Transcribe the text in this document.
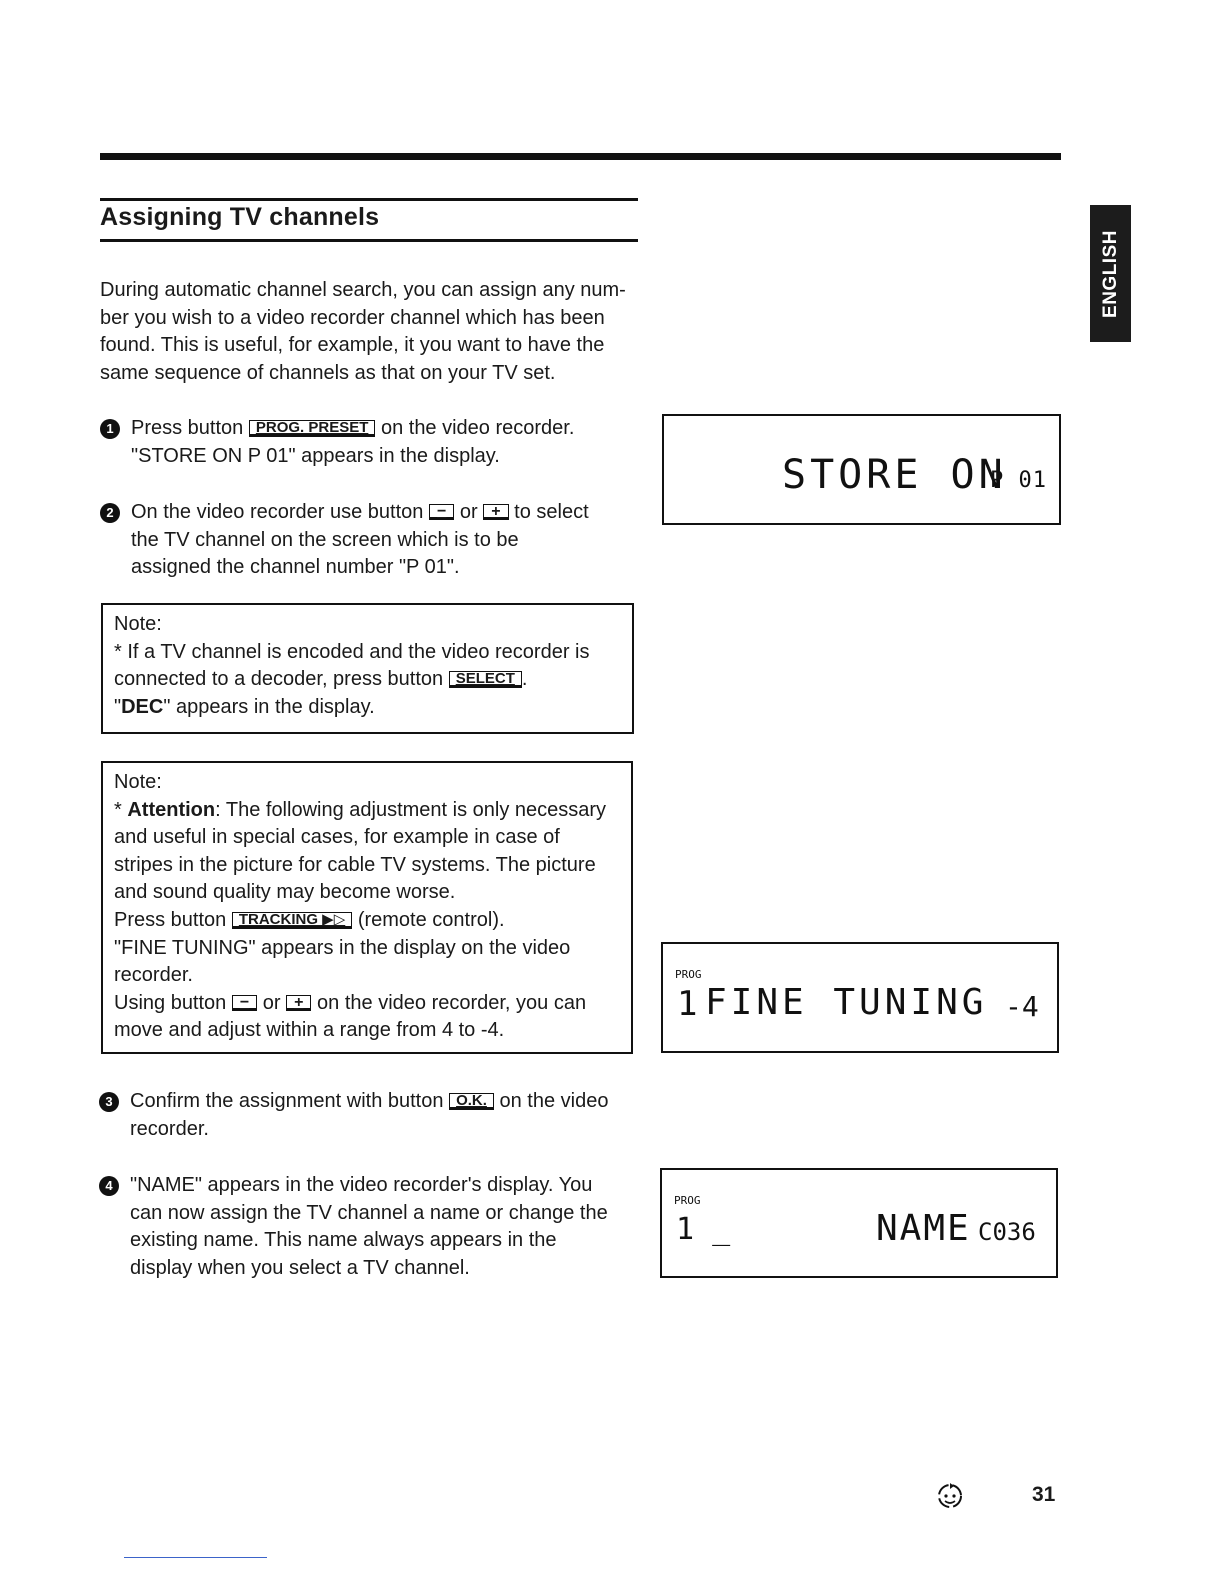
Assigning TV channels
ENGLISH
During automatic channel search, you can assign any num-ber you wish to a video recorder channel which has been found. This is useful, for example, it you want to have the same sequence of channels as that on your TV set.
1 Press button PROG. PRESET on the video recorder.
"STORE ON P 01" appears in the display.
2 On the video recorder use button − or + to select the TV channel on the screen which is to be assigned the channel number "P 01".
Note:
* If a TV channel is encoded and the video recorder is connected to a decoder, press button SELECT .
"DEC" appears in the display.
Note:
* Attention: The following adjustment is only necessary and useful in special cases, for example in case of stripes in the picture for cable TV systems. The picture and sound quality may become worse.
Press button TRACKING ▶▷ (remote control).
"FINE TUNING" appears in the display on the video recorder.
Using button − or + on the video recorder, you can move and adjust within a range from 4 to -4.
3 Confirm the assignment with button O.K. on the video recorder.
4 "NAME" appears in the video recorder's display. You can now assign the TV channel a name or change the existing name. This name always appears in the display when you select a TV channel.
STORE ON
P 01
PROG
1 FINE TUNING -4
PROG
1 _	NAME C036
31
